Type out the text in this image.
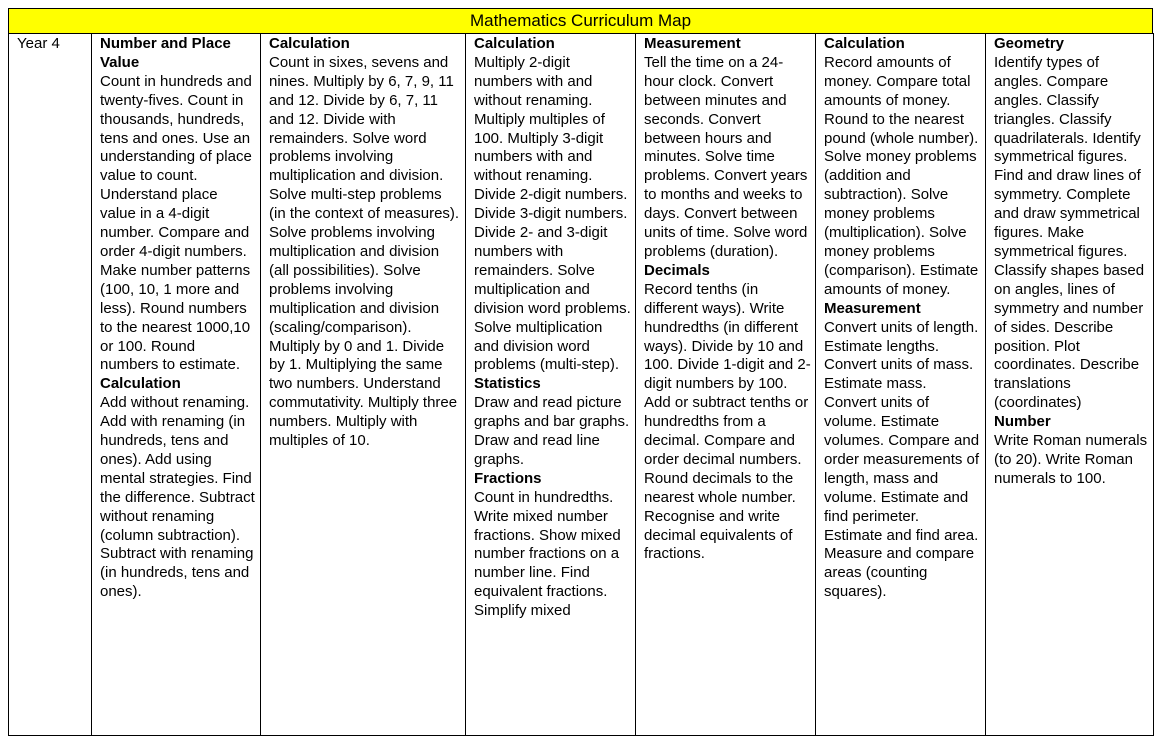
Mathematics Curriculum Map
Year 4	Number and Place Value
Count in hundreds and twenty-fives. Count in thousands, hundreds, tens and ones. Use an understanding of place value to count. Understand place value in a 4-digit number. Compare and order 4-digit numbers. Make number patterns (100, 10, 1 more and less). Round numbers to the nearest 1000,10 or 100. Round numbers to estimate.
Calculation
Add without renaming. Add with renaming (in hundreds, tens and ones). Add using mental strategies. Find the difference. Subtract without renaming (column subtraction). Subtract with renaming (in hundreds, tens and ones).

Calculation
Count in sixes, sevens and nines. Multiply by 6, 7, 9, 11 and 12. Divide by 6, 7, 11 and 12. Divide with remainders. Solve word problems involving multiplication and division. Solve multi-step problems (in the context of measures). Solve problems involving multiplication and division (all possibilities). Solve problems involving multiplication and division (scaling/comparison). Multiply by 0 and 1. Divide by 1. Multiplying the same two numbers. Understand commutativity. Multiply three numbers. Multiply with multiples of 10.

Calculation
Multiply 2-digit numbers with and without renaming. Multiply multiples of 100. Multiply 3-digit numbers with and without renaming. Divide 2-digit numbers. Divide 3-digit numbers. Divide 2- and 3-digit numbers with remainders. Solve multiplication and division word problems. Solve multiplication and division word problems (multi-step).
Statistics
Draw and read picture graphs and bar graphs. Draw and read line graphs.
Fractions
Count in hundredths. Write mixed number fractions. Show mixed number fractions on a number line. Find equivalent fractions. Simplify mixed

Measurement
Tell the time on a 24-hour clock. Convert between minutes and seconds. Convert between hours and minutes. Solve time problems. Convert years to months and weeks to days. Convert between units of time. Solve word problems (duration).
Decimals
Record tenths (in different ways). Write hundredths (in different ways). Divide by 10 and 100. Divide 1-digit and 2-digit numbers by 100. Add or subtract tenths or hundredths from a decimal. Compare and order decimal numbers. Round decimals to the nearest whole number. Recognise and write decimal equivalents of fractions.

Calculation
Record amounts of money. Compare total amounts of money. Round to the nearest pound (whole number). Solve money problems (addition and subtraction). Solve money problems (multiplication). Solve money problems (comparison). Estimate amounts of money.
Measurement
Convert units of length. Estimate lengths. Convert units of mass. Estimate mass. Convert units of volume. Estimate volumes. Compare and order measurements of length, mass and volume. Estimate and find perimeter. Estimate and find area. Measure and compare areas (counting squares).

Geometry
Identify types of angles. Compare angles. Classify triangles. Classify quadrilaterals. Identify symmetrical figures. Find and draw lines of symmetry. Complete and draw symmetrical figures. Make symmetrical figures. Classify shapes based on angles, lines of symmetry and number of sides. Describe position. Plot coordinates. Describe translations (coordinates)
Number
Write Roman numerals (to 20). Write Roman numerals to 100.
